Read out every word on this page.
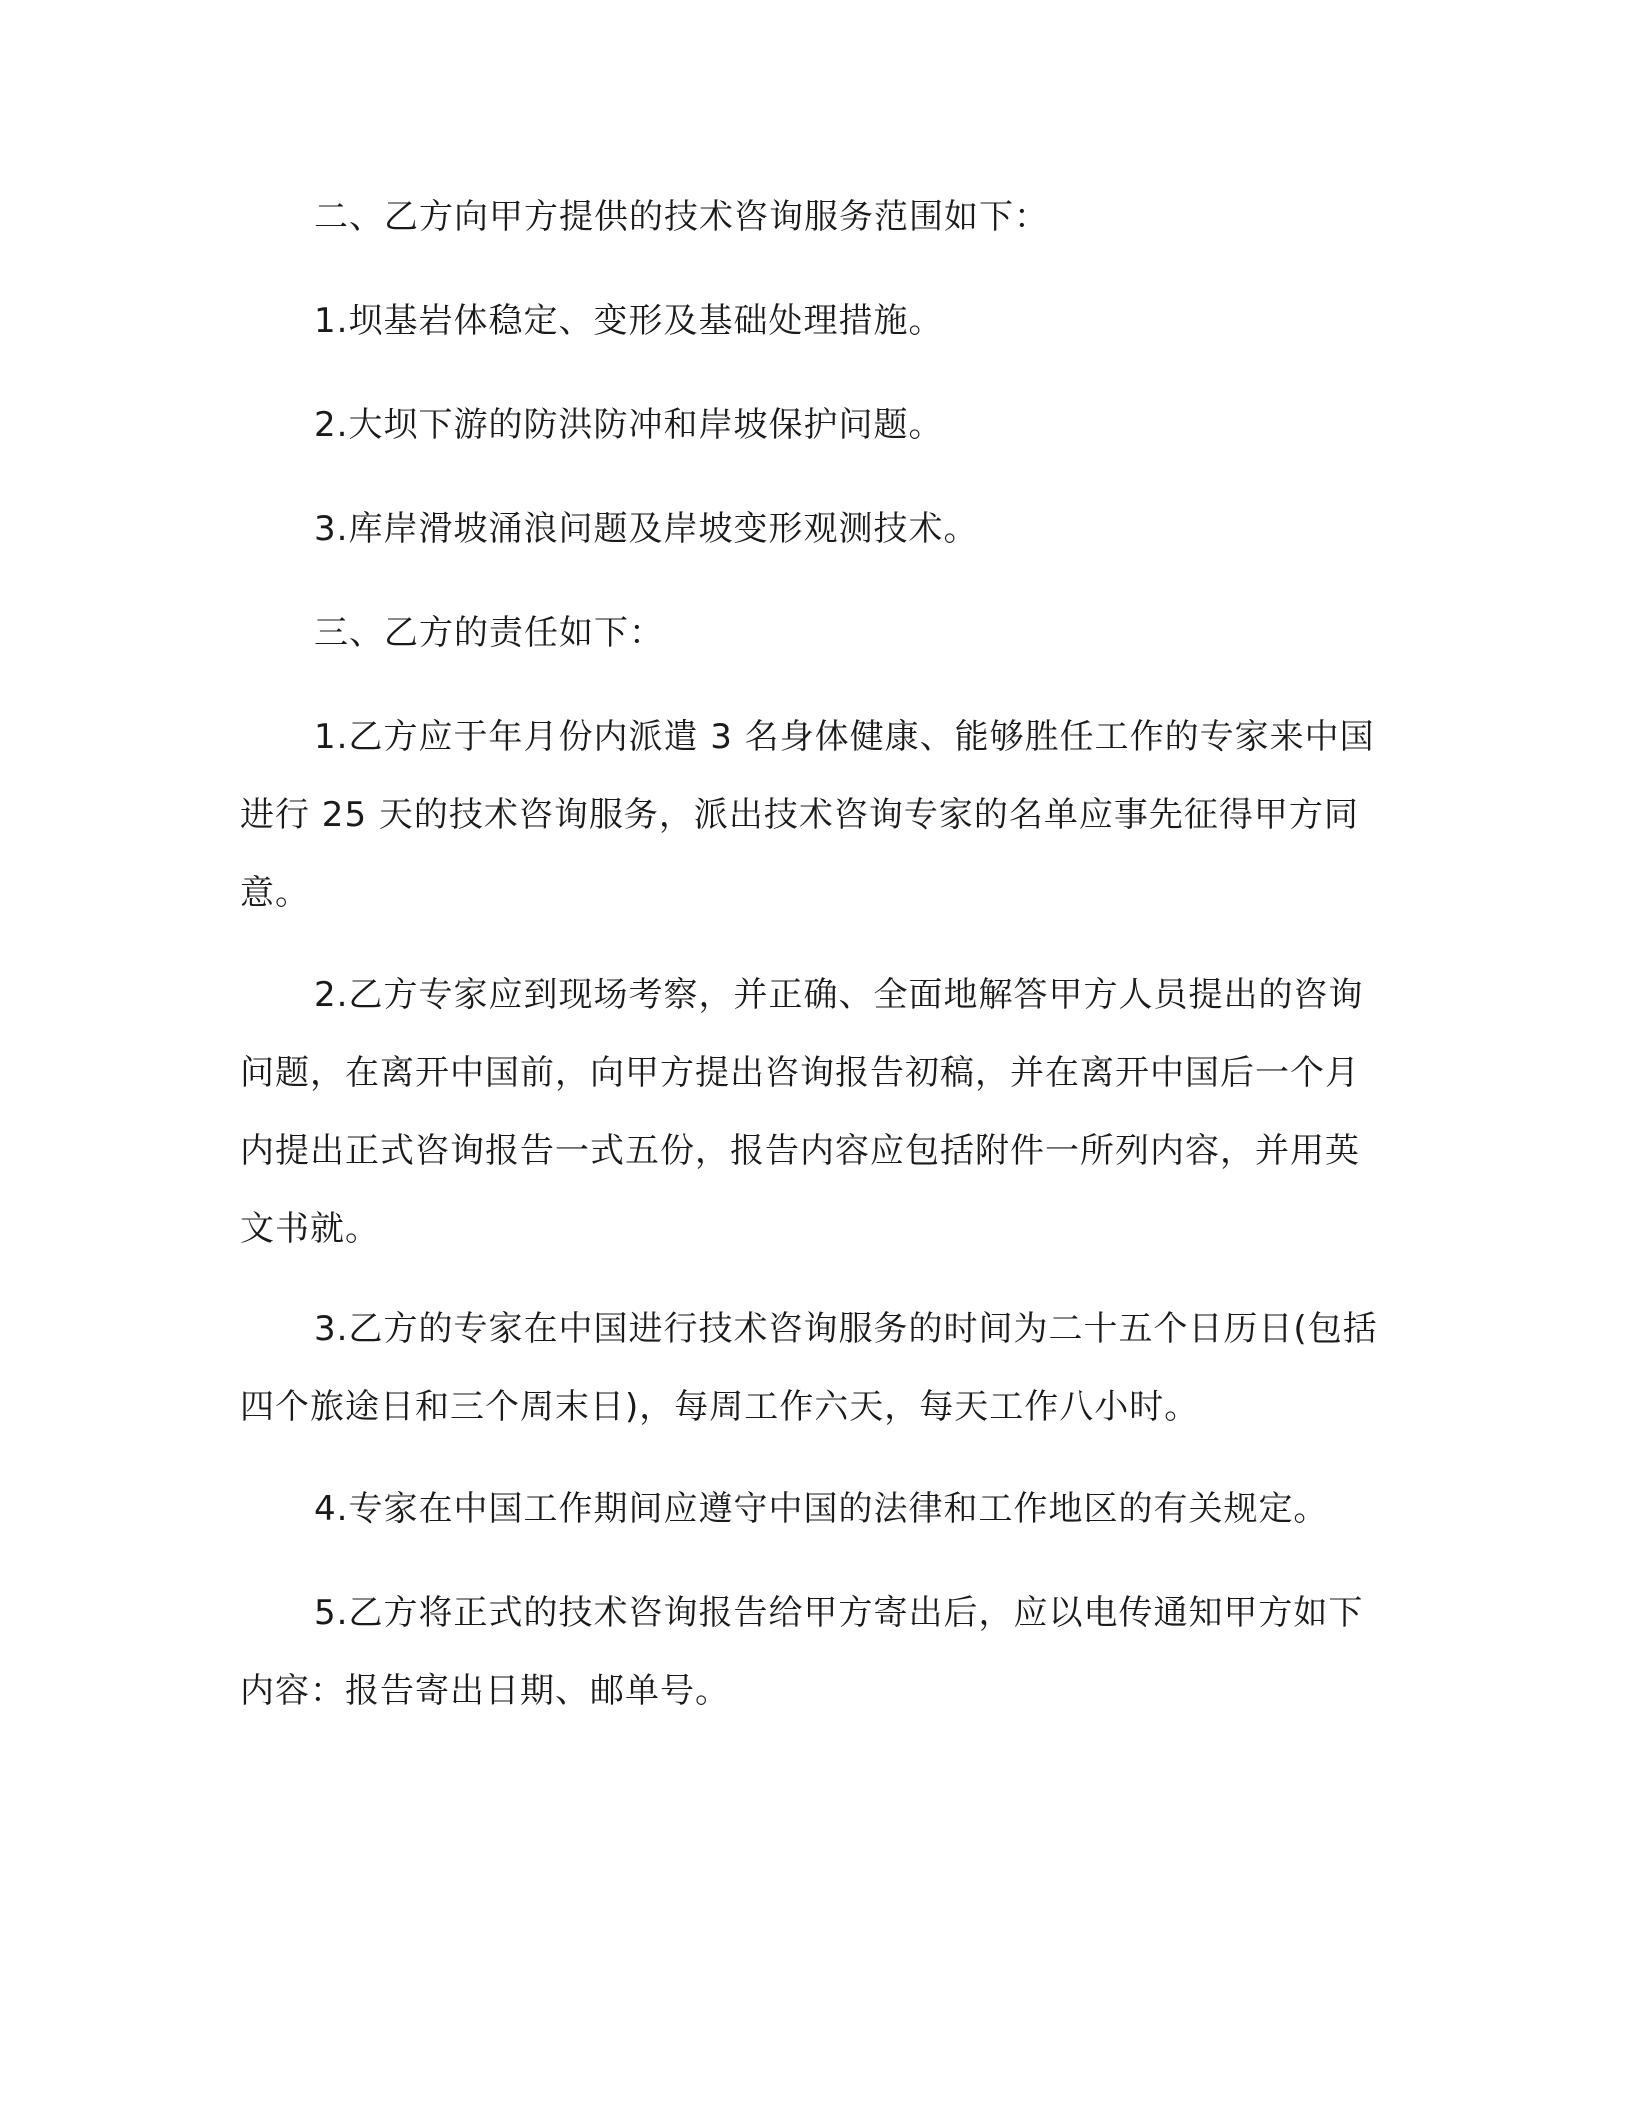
二、乙方向甲方提供的技术咨询服务范围如下：

1.坝基岩体稳定、变形及基础处理措施。

2.大坝下游的防洪防冲和岸坡保护问题。

3.库岸滑坡涌浪问题及岸坡变形观测技术。

三、乙方的责任如下：

1.乙方应于年月份内派遣 3 名身体健康、能够胜任工作的专家来中国进行 25 天的技术咨询服务，派出技术咨询专家的名单应事先征得甲方同意。

2.乙方专家应到现场考察，并正确、全面地解答甲方人员提出的咨询问题，在离开中国前，向甲方提出咨询报告初稿，并在离开中国后一个月内提出正式咨询报告一式五份，报告内容应包括附件一所列内容，并用英文书就。

3.乙方的专家在中国进行技术咨询服务的时间为二十五个日历日(包括四个旅途日和三个周末日)，每周工作六天，每天工作八小时。

4.专家在中国工作期间应遵守中国的法律和工作地区的有关规定。

5.乙方将正式的技术咨询报告给甲方寄出后，应以电传通知甲方如下内容：报告寄出日期、邮单号。
